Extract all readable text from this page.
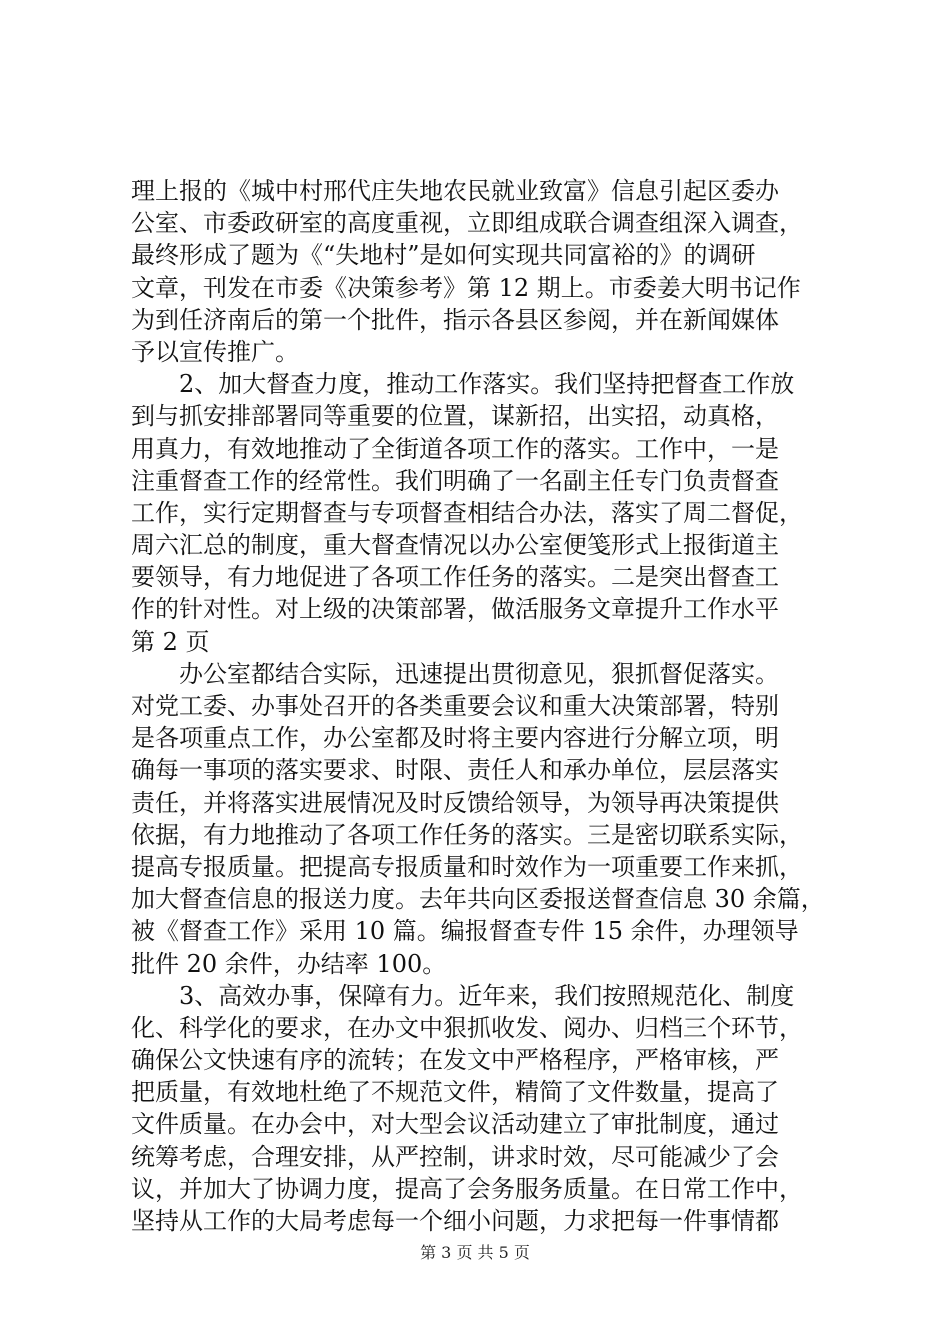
理上报的《城中村邢代庄失地农民就业致富》信息引起区委办
公室、市委政研室的高度重视，立即组成联合调查组深入调查，
最终形成了题为《“失地村”是如何实现共同富裕的》的调研
文章，刊发在市委《决策参考》第 12 期上。市委姜大明书记作
为到任济南后的第一个批件，指示各县区参阅，并在新闻媒体
予以宣传推广。
　　2、加大督查力度，推动工作落实。我们坚持把督查工作放
到与抓安排部署同等重要的位置，谋新招，出实招，动真格，
用真力，有效地推动了全街道各项工作的落实。工作中，一是
注重督查工作的经常性。我们明确了一名副主任专门负责督查
工作，实行定期督查与专项督查相结合办法，落实了周二督促，
周六汇总的制度，重大督查情况以办公室便笺形式上报街道主
要领导，有力地促进了各项工作任务的落实。二是突出督查工
作的针对性。对上级的决策部署，做活服务文章提升工作水平
第 2 页
　　办公室都结合实际，迅速提出贯彻意见，狠抓督促落实。
对党工委、办事处召开的各类重要会议和重大决策部署，特别
是各项重点工作，办公室都及时将主要内容进行分解立项，明
确每一事项的落实要求、时限、责任人和承办单位，层层落实
责任，并将落实进展情况及时反馈给领导，为领导再决策提供
依据，有力地推动了各项工作任务的落实。三是密切联系实际，
提高专报质量。把提高专报质量和时效作为一项重要工作来抓，
加大督查信息的报送力度。去年共向区委报送督查信息 30 余篇，
被《督查工作》采用 10 篇。编报督查专件 15 余件，办理领导
批件 20 余件，办结率 100。
　　3、高效办事，保障有力。近年来，我们按照规范化、制度
化、科学化的要求，在办文中狠抓收发、阅办、归档三个环节，
确保公文快速有序的流转；在发文中严格程序，严格审核，严
把质量，有效地杜绝了不规范文件，精简了文件数量，提高了
文件质量。在办会中，对大型会议活动建立了审批制度，通过
统筹考虑，合理安排，从严控制，讲求时效，尽可能减少了会
议，并加大了协调力度，提高了会务服务质量。在日常工作中，
坚持从工作的大局考虑每一个细小问题，力求把每一件事情都
第 3 页 共 5 页
